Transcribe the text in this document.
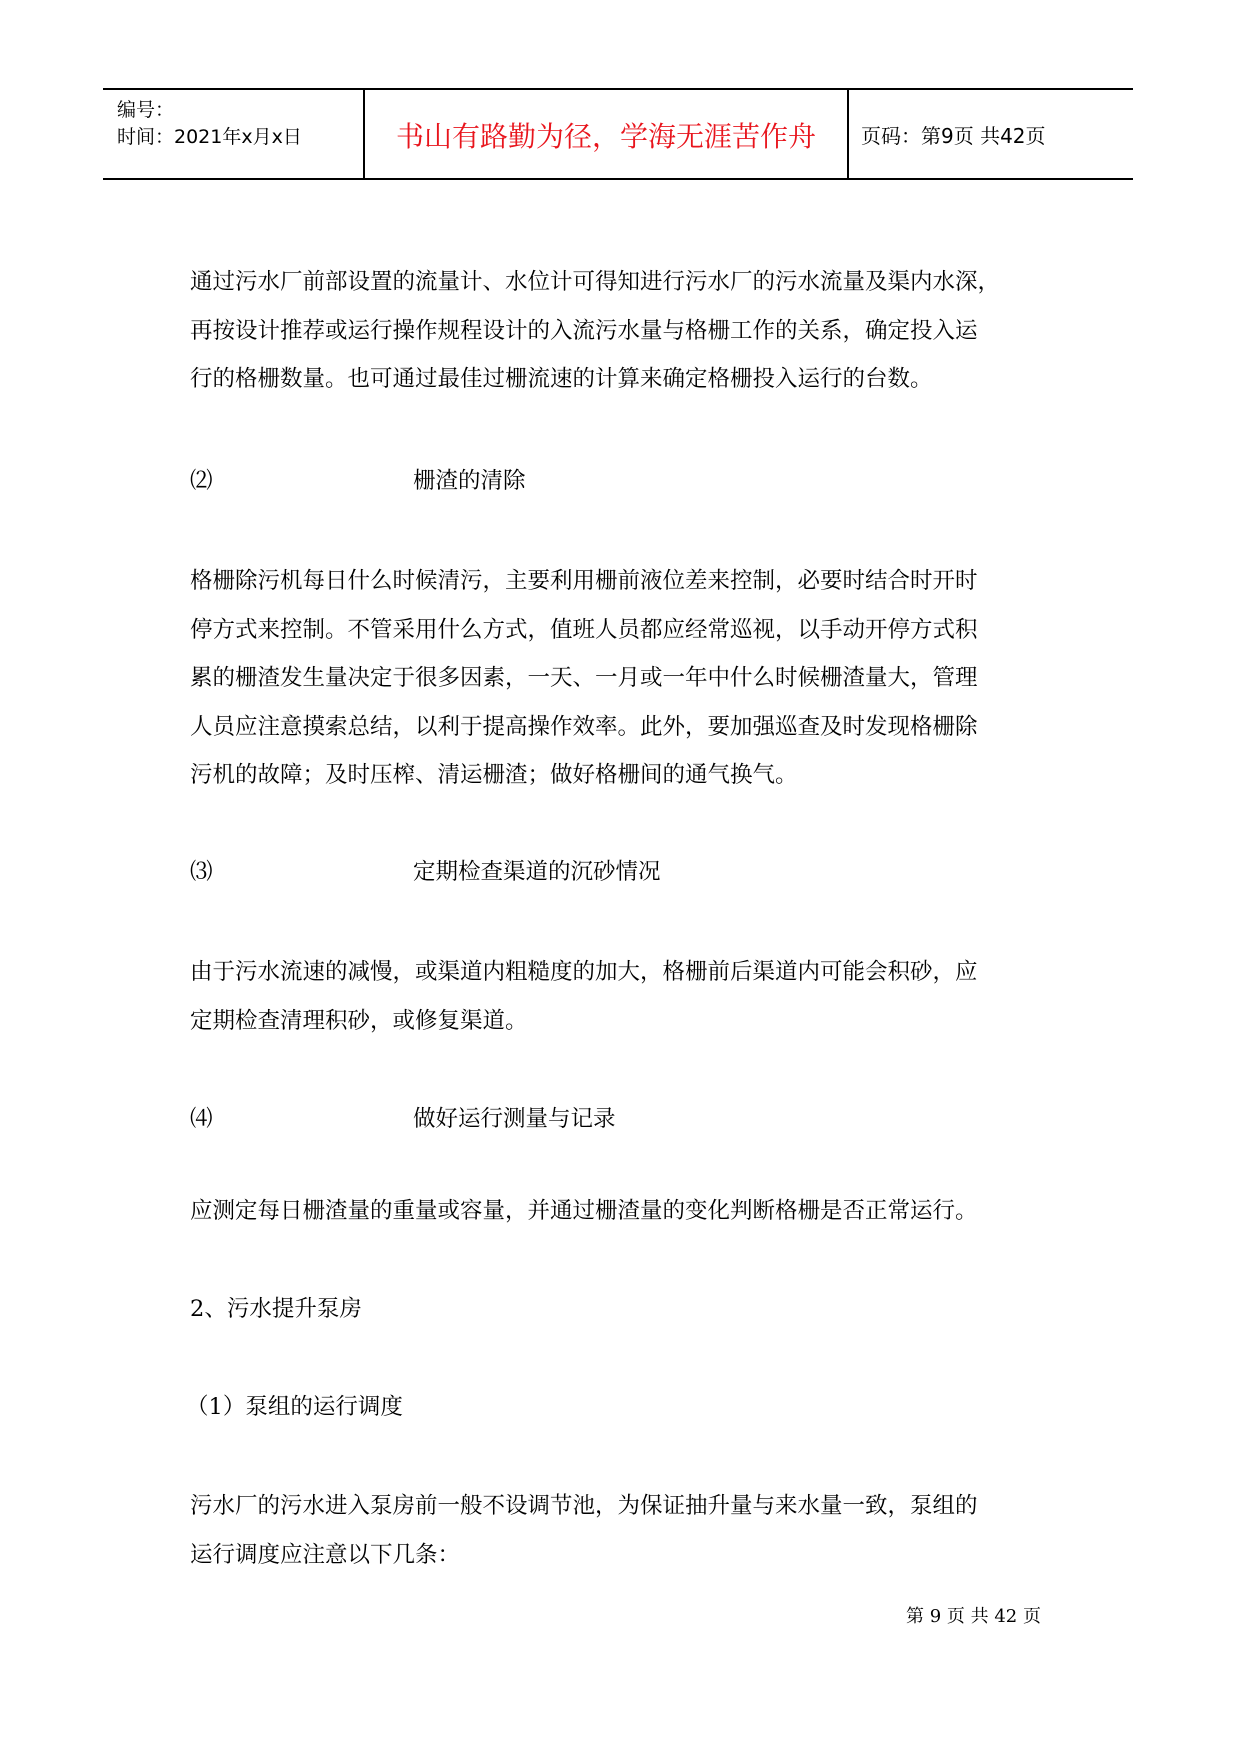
编号：
时间：2021年x月x日	书山有路勤为径，学海无涯苦作舟	页码：第9页 共42页
通过污水厂前部设置的流量计、水位计可得知进行污水厂的污水流量及渠内水深，
再按设计推荐或运行操作规程设计的入流污水量与格栅工作的关系，确定投入运
行的格栅数量。也可通过最佳过栅流速的计算来确定格栅投入运行的台数。
⑵	栅渣的清除
格栅除污机每日什么时候清污，主要利用栅前液位差来控制，必要时结合时开时
停方式来控制。不管采用什么方式，值班人员都应经常巡视，以手动开停方式积
累的栅渣发生量决定于很多因素，一天、一月或一年中什么时候栅渣量大，管理
人员应注意摸索总结，以利于提高操作效率。此外，要加强巡查及时发现格栅除
污机的故障；及时压榨、清运栅渣；做好格栅间的通气换气。
⑶	定期检查渠道的沉砂情况
由于污水流速的减慢，或渠道内粗糙度的加大，格栅前后渠道内可能会积砂，应
定期检查清理积砂，或修复渠道。
⑷	做好运行测量与记录
应测定每日栅渣量的重量或容量，并通过栅渣量的变化判断格栅是否正常运行。
2、污水提升泵房
（1）泵组的运行调度
污水厂的污水进入泵房前一般不设调节池，为保证抽升量与来水量一致，泵组的
运行调度应注意以下几条：
第 9 页 共 42 页
